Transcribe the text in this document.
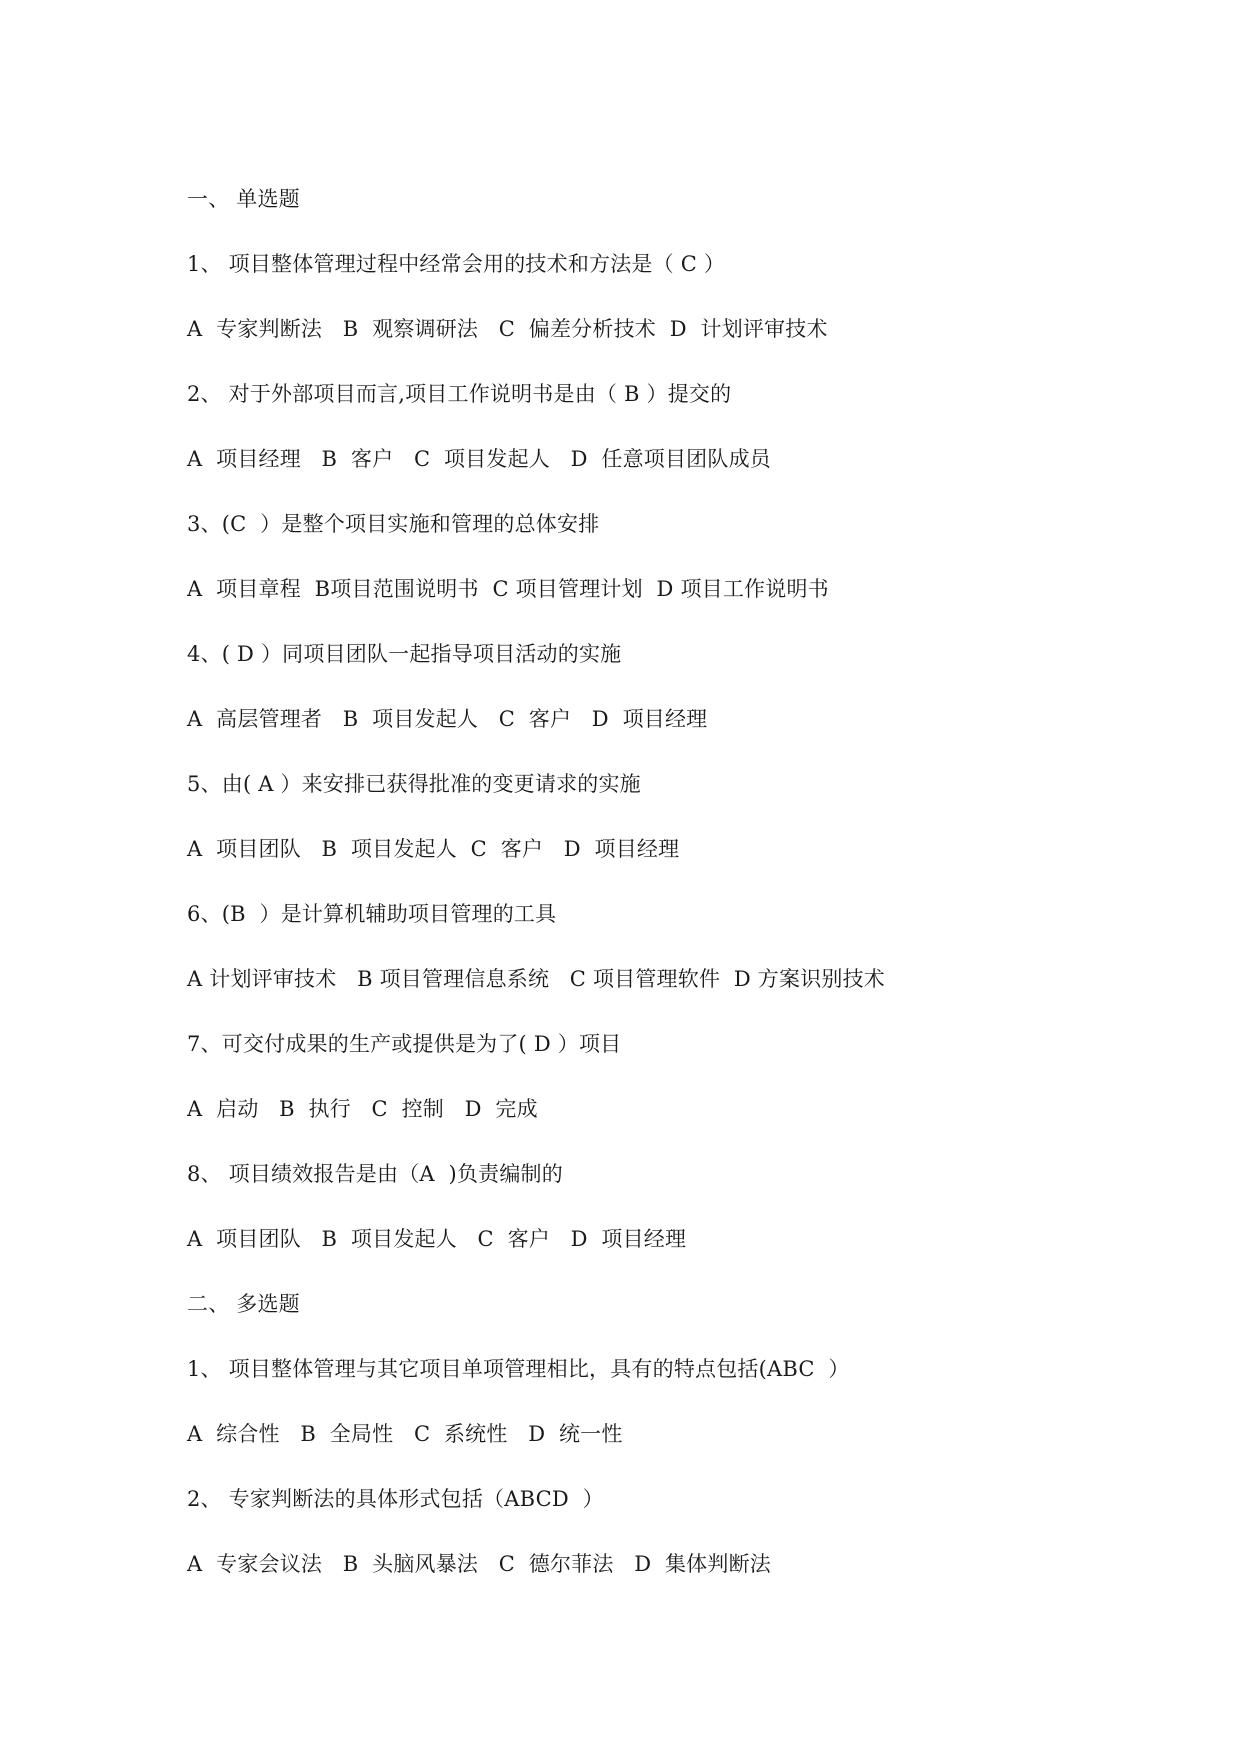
一、 单选题
1、 项目整体管理过程中经常会用的技术和方法是（ C ）
A  专家判断法   B  观察调研法   C  偏差分析技术  D  计划评审技术
2、 对于外部项目而言,项目工作说明书是由（ B ）提交的
A  项目经理   B  客户   C  项目发起人   D  任意项目团队成员
3、(C  ）是整个项目实施和管理的总体安排
A  项目章程  B项目范围说明书  C 项目管理计划  D 项目工作说明书
4、( D ）同项目团队一起指导项目活动的实施
A  高层管理者   B  项目发起人   C  客户   D  项目经理
5、由( A ）来安排已获得批准的变更请求的实施
A  项目团队   B  项目发起人  C  客户   D  项目经理
6、(B  ）是计算机辅助项目管理的工具
A 计划评审技术   B 项目管理信息系统   C 项目管理软件  D 方案识别技术
7、可交付成果的生产或提供是为了( D ）项目
A  启动   B  执行   C  控制   D  完成
8、 项目绩效报告是由（A  )负责编制的
A  项目团队   B  项目发起人   C  客户   D  项目经理
二、 多选题
1、 项目整体管理与其它项目单项管理相比，具有的特点包括(ABC  ）
A  综合性   B  全局性   C  系统性   D  统一性
2、 专家判断法的具体形式包括（ABCD  ）
A  专家会议法   B  头脑风暴法   C  德尔菲法   D  集体判断法
